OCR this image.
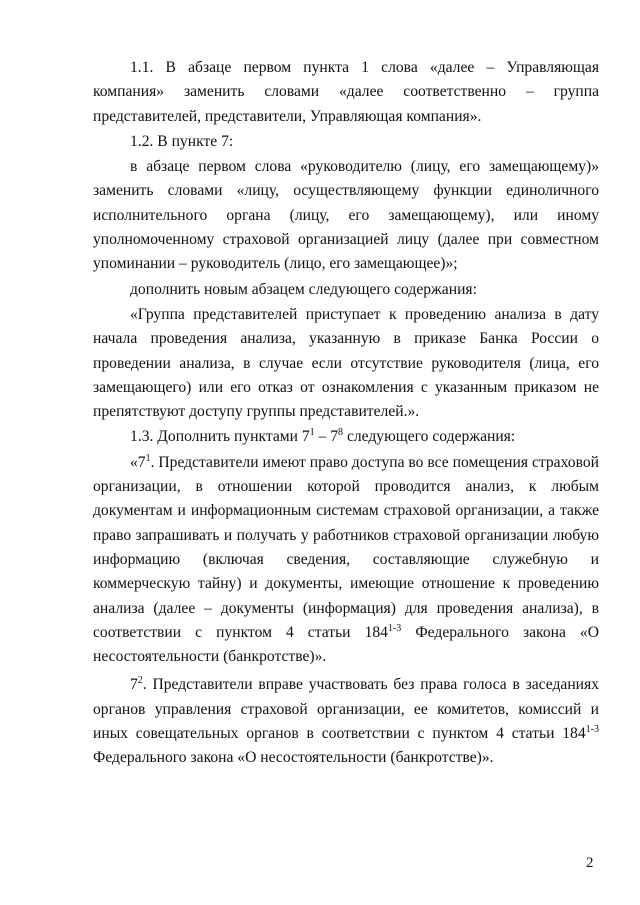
1.1. В абзаце первом пункта 1 слова «далее – Управляющая компания» заменить словами «далее соответственно – группа представителей, представители, Управляющая компания».

1.2. В пункте 7:

в абзаце первом слова «руководителю (лицу, его замещающему)» заменить словами «лицу, осуществляющему функции единоличного исполнительного органа (лицу, его замещающему), или иному уполномоченному страховой организацией лицу (далее при совместном упоминании – руководитель (лицо, его замещающее)»;

дополнить новым абзацем следующего содержания:

«Группа представителей приступает к проведению анализа в дату начала проведения анализа, указанную в приказе Банка России о проведении анализа, в случае если отсутствие руководителя (лица, его замещающего) или его отказ от ознакомления с указанным приказом не препятствуют доступу группы представителей.».

1.3. Дополнить пунктами $7^1 - 7^8$ следующего содержания:

«$7^1$. Представители имеют право доступа во все помещения страховой организации, в отношении которой проводится анализ, к любым документам и информационным системам страховой организации, а также право запрашивать и получать у работников страховой организации любую информацию (включая сведения, составляющие служебную и коммерческую тайну) и документы, имеющие отношение к проведению анализа (далее – документы (информация) для проведения анализа), в соответствии с пунктом 4 статьи 184$^{1-3}$ Федерального закона «О несостоятельности (банкротстве)».

$7^2$. Представители вправе участвовать без права голоса в заседаниях органов управления страховой организации, ее комитетов, комиссий и иных совещательных органов в соответствии с пунктом 4 статьи 184$^{1-3}$ Федерального закона «О несостоятельности (банкротстве)».

2
